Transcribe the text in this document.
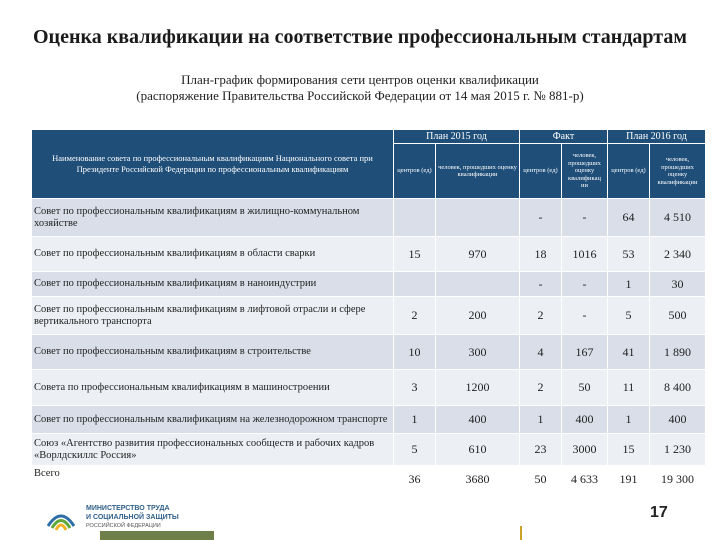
Оценка квалификации на соответствие профессиональным стандартам
План-график формирования сети центров оценки квалификации
(распоряжение Правительства Российской Федерации от 14 мая 2015 г. № 881-р)
Наименование совета по профессиональным квалификациям Национального совета при Президенте Российской Федерации по профессиональным квалификациям	План 2015 год		Факт		План 2016 год	
	центров (ед)	человек, прошедших оценку квалификации	центров (ед)	человек, прошедших оценку квалификац ии	центров (ед)	человек, прошедших оценку квалификации
Совет по профессиональным квалификациям в жилищно-коммунальном хозяйстве			-	-	64	4 510
Совет по профессиональным квалификациям в области сварки	15	970	18	1016	53	2 340
Совет по профессиональным квалификациям в наноиндустрии			-	-	1	30
Совет по профессиональным квалификациям в лифтовой отрасли и сфере вертикального транспорта	2	200	2	-	5	500
Совет по профессиональным квалификациям в строительстве	10	300	4	167	41	1 890
Совета по профессиональным квалификациям в машиностроении	3	1200	2	50	11	8 400
Совет по профессиональным квалификациям на железнодорожном транспорте	1	400	1	400	1	400
Союз «Агентство развития профессиональных сообществ и рабочих кадров «Ворлдскиллс Россия»	5	610	23	3000	15	1 230
Всего	36	3680	50	4 633	191	19 300
МИНИСТЕРСТВО ТРУДА
И СОЦИАЛЬНОЙ ЗАЩИТЫ
РОССИЙСКОЙ ФЕДЕРАЦИИ
17
